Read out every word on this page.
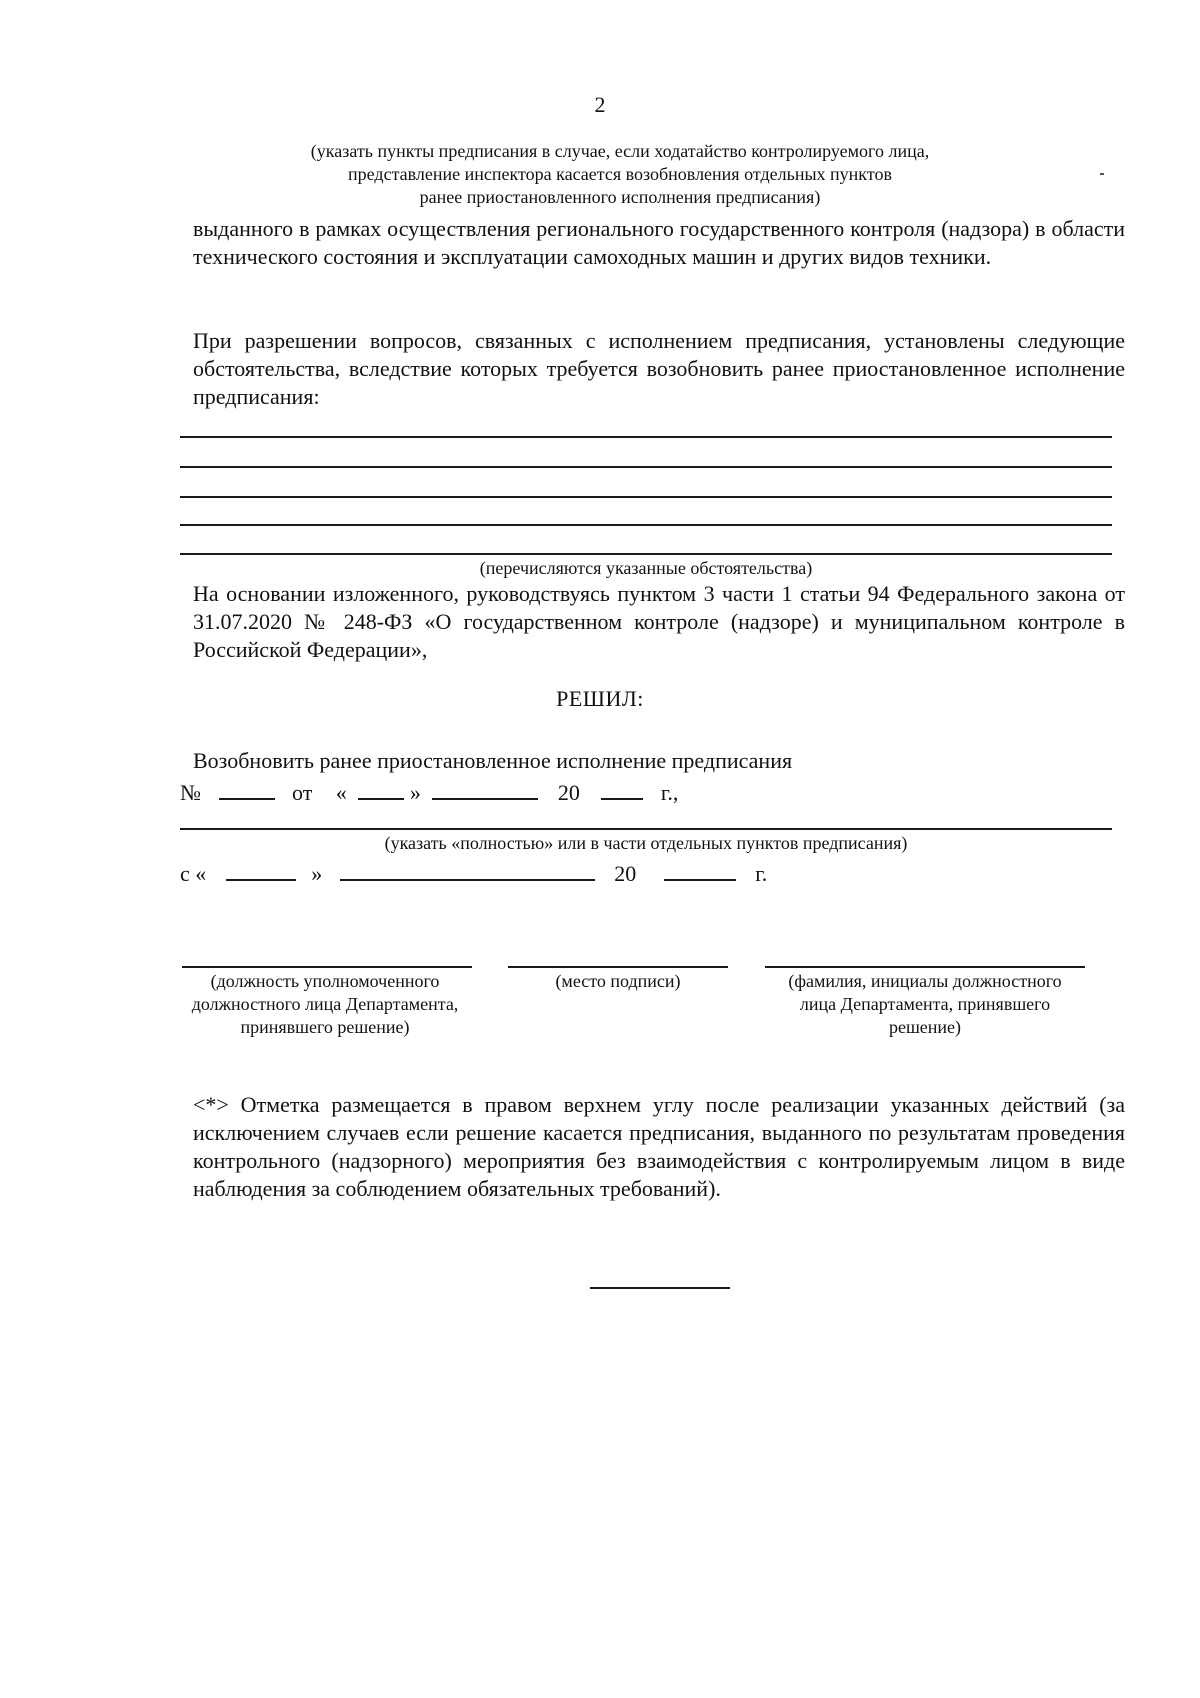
2
(указать пункты предписания в случае, если ходатайство контролируемого лица,
представление инспектора касается возобновления отдельных пунктов
ранее приостановленного исполнения предписания)
выданного в рамках осуществления регионального государственного контроля (надзора) в области технического состояния и эксплуатации самоходных машин и других видов техники.
При разрешении вопросов, связанных с исполнением предписания, установлены следующие обстоятельства, вследствие которых требуется возобновить ранее приостановленное исполнение предписания:
(перечисляются указанные обстоятельства)
На основании изложенного, руководствуясь пунктом 3 части 1 статьи 94 Федерального закона от 31.07.2020 № 248-ФЗ «О государственном контроле (надзоре) и муниципальном контроле в Российской Федерации»,
РЕШИЛ:
Возобновить ранее приостановленное исполнение предписания
№	от «	»	20	г.,
(указать «полностью» или в части отдельных пунктов предписания)
с «	»	20	г.
(должность уполномоченного должностного лица Департамента, принявшего решение)
(место подписи)	(фамилия, инициалы должностного лица Департамента, принявшего решение)
<*> Отметка размещается в правом верхнем углу после реализации указанных действий (за исключением случаев если решение касается предписания, выданного по результатам проведения контрольного (надзорного) мероприятия без взаимодействия с контролируемым лицом в виде наблюдения за соблюдением обязательных требований).
